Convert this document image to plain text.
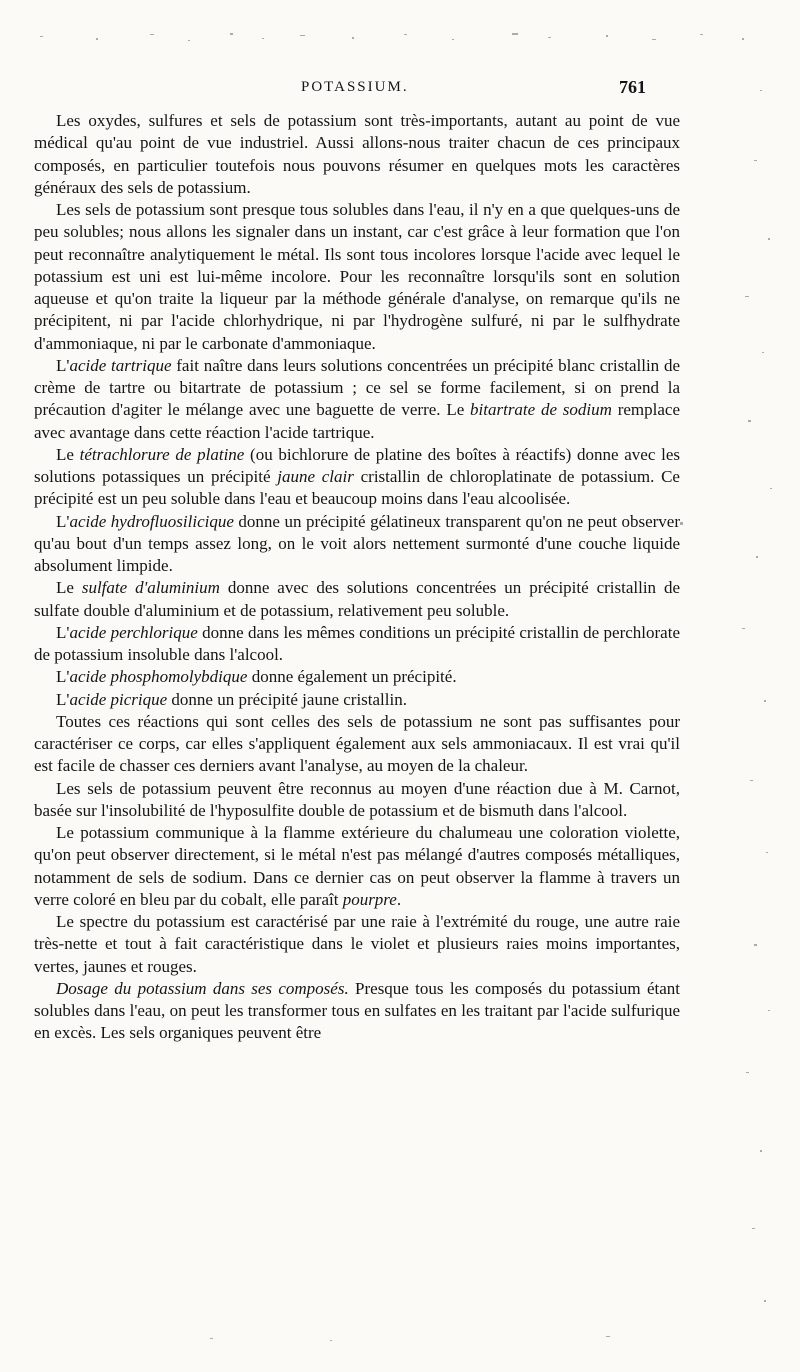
POTASSIUM.	761

Les oxydes, sulfures et sels de potassium sont très-importants, autant au point de vue médical qu'au point de vue industriel. Aussi allons-nous traiter chacun de ces principaux composés, en particulier toutefois nous pouvons résumer en quelques mots les caractères généraux des sels de potassium.

Les sels de potassium sont presque tous solubles dans l'eau, il n'y en a que quelques-uns de peu solubles; nous allons les signaler dans un instant, car c'est grâce à leur formation que l'on peut reconnaître analytiquement le métal. Ils sont tous incolores lorsque l'acide avec lequel le potassium est uni est lui-même incolore. Pour les reconnaître lorsqu'ils sont en solution aqueuse et qu'on traite la liqueur par la méthode générale d'analyse, on remarque qu'ils ne précipitent, ni par l'acide chlorhydrique, ni par l'hydrogène sulfuré, ni par le sulfhydrate d'ammoniaque, ni par le carbonate d'ammoniaque.

L'acide tartrique fait naître dans leurs solutions concentrées un précipité blanc cristallin de crème de tartre ou bitartrate de potassium ; ce sel se forme facilement, si on prend la précaution d'agiter le mélange avec une baguette de verre. Le bitartrate de sodium remplace avec avantage dans cette réaction l'acide tartrique.

Le tétrachlorure de platine (ou bichlorure de platine des boîtes à réactifs) donne avec les solutions potassiques un précipité jaune clair cristallin de chloroplatinate de potassium. Ce précipité est un peu soluble dans l'eau et beaucoup moins dans l'eau alcoolisée.

L'acide hydrofluosilicique donne un précipité gélatineux transparent qu'on ne peut observer qu'au bout d'un temps assez long, on le voit alors nettement surmonté d'une couche liquide absolument limpide.

Le sulfate d'aluminium donne avec des solutions concentrées un précipité cristallin de sulfate double d'aluminium et de potassium, relativement peu soluble.

L'acide perchlorique donne dans les mêmes conditions un précipité cristallin de perchlorate de potassium insoluble dans l'alcool.

L'acide phosphomolybdique donne également un précipité.

L'acide picrique donne un précipité jaune cristallin.

Toutes ces réactions qui sont celles des sels de potassium ne sont pas suffisantes pour caractériser ce corps, car elles s'appliquent également aux sels ammoniacaux. Il est vrai qu'il est facile de chasser ces derniers avant l'analyse, au moyen de la chaleur.

Les sels de potassium peuvent être reconnus au moyen d'une réaction due à M. Carnot, basée sur l'insolubilité de l'hyposulfite double de potassium et de bismuth dans l'alcool.

Le potassium communique à la flamme extérieure du chalumeau une coloration violette, qu'on peut observer directement, si le métal n'est pas mélangé d'autres composés métalliques, notamment de sels de sodium. Dans ce dernier cas on peut observer la flamme à travers un verre coloré en bleu par du cobalt, elle paraît pourpre.

Le spectre du potassium est caractérisé par une raie à l'extrémité du rouge, une autre raie très-nette et tout à fait caractéristique dans le violet et plusieurs raies moins importantes, vertes, jaunes et rouges.

Dosage du potassium dans ses composés. Presque tous les composés du potassium étant solubles dans l'eau, on peut les transformer tous en sulfates en les traitant par l'acide sulfurique en excès. Les sels organiques peuvent être
